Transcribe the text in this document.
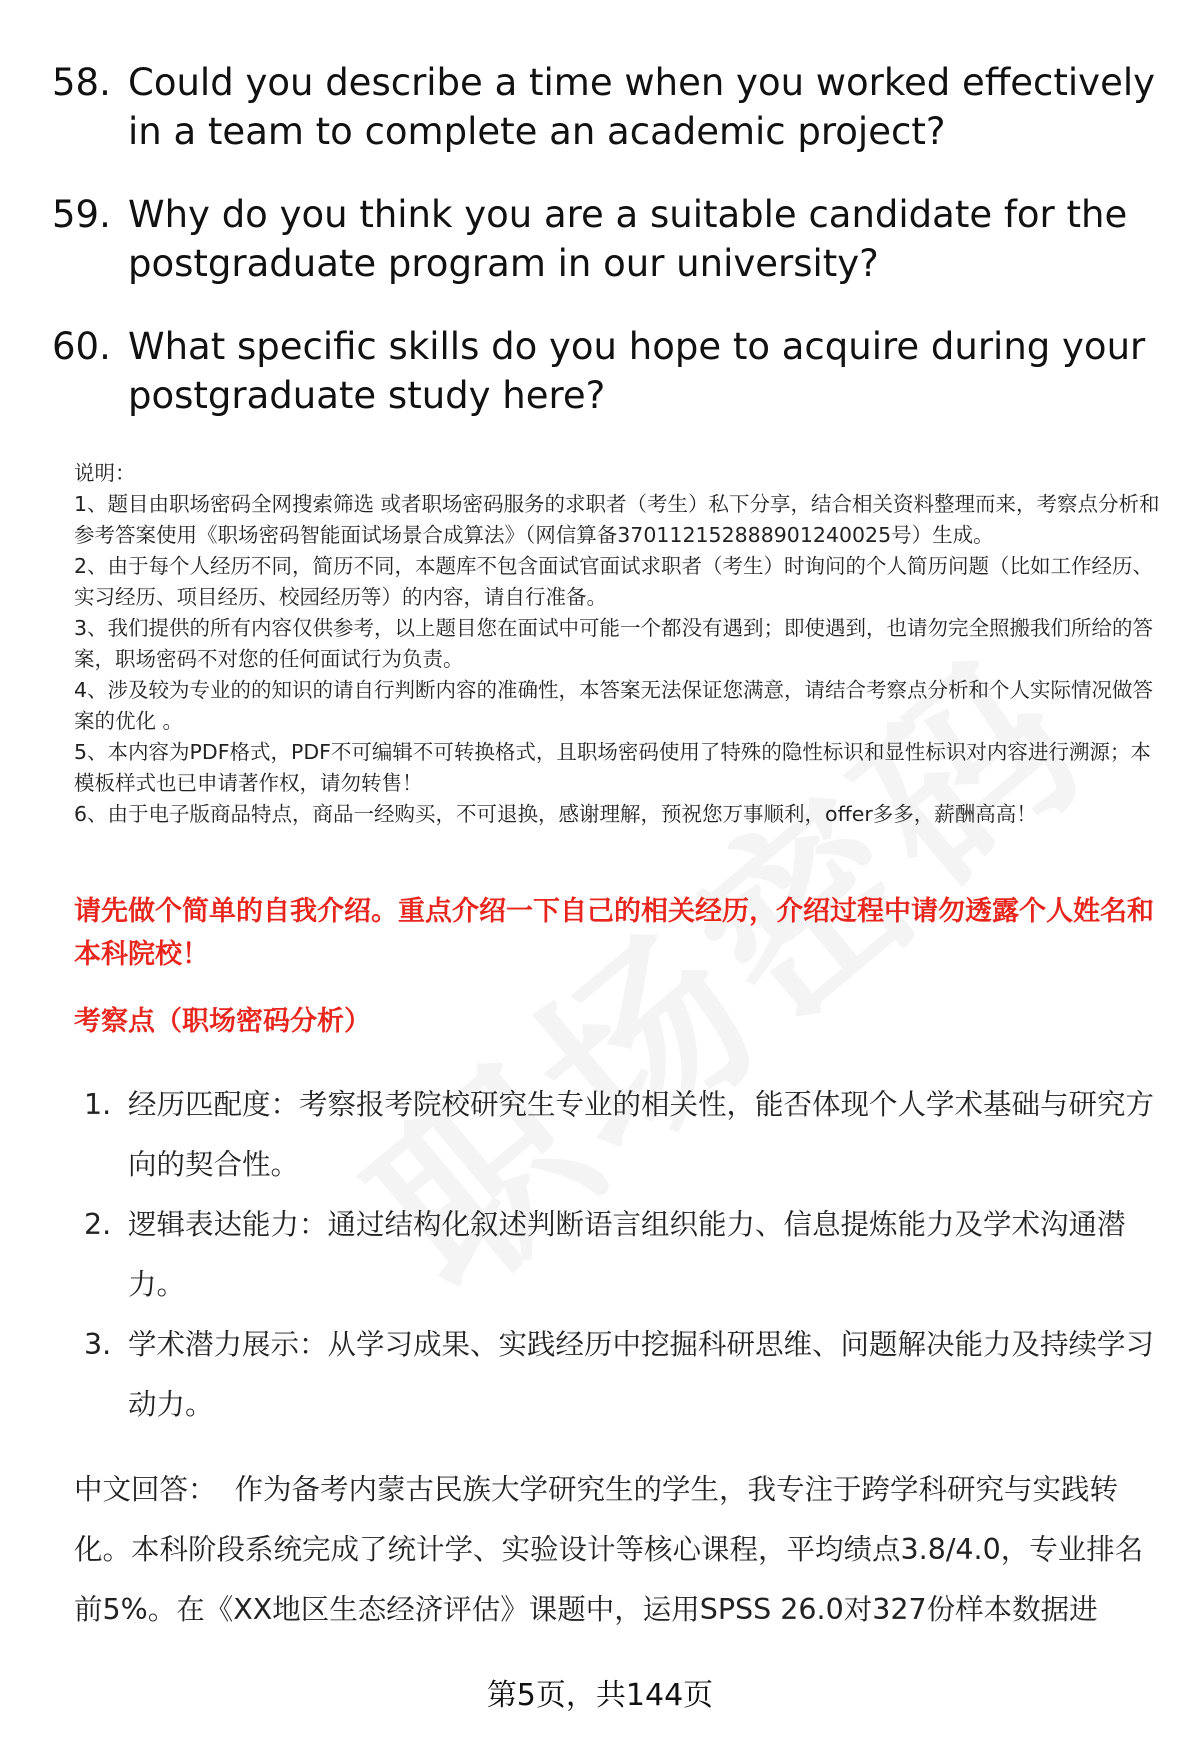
58. Could you describe a time when you worked effectively in a team to complete an academic project?
59. Why do you think you are a suitable candidate for the postgraduate program in our university?
60. What specific skills do you hope to acquire during your postgraduate study here?

说明：

1、题目由职场密码全网搜索筛选 或者职场密码服务的求职者（考生）私下分享，结合相关资料整理而来，考察点分析和参考答案使用《职场密码智能面试场景合成算法》（网信算备370112152888901240025号）生成。

2、由于每个人经历不同，简历不同，本题库不包含面试官面试求职者（考生）时询问的个人简历问题（比如工作经历、实习经历、项目经历、校园经历等）的内容，请自行准备。

3、我们提供的所有内容仅供参考，以上题目您在面试中可能一个都没有遇到；即使遇到，也请勿完全照搬我们所给的答案，职场密码不对您的任何面试行为负责。

4、涉及较为专业的的知识的请自行判断内容的准确性，本答案无法保证您满意，请结合考察点分析和个人实际情况做答案的优化 。

5、本内容为PDF格式，PDF不可编辑不可转换格式，且职场密码使用了特殊的隐性标识和显性标识对内容进行溯源；本模板样式也已申请著作权，请勿转售！

6、由于电子版商品特点，商品一经购买，不可退换，感谢理解，预祝您万事顺利，offer多多，薪酬高高！

请先做个简单的自我介绍。重点介绍一下自己的相关经历，介绍过程中请勿透露个人姓名和本科院校！
考察点（职场密码分析）
1. 经历匹配度：考察报考院校研究生专业的相关性，能否体现个人学术基础与研究方向的契合性。
2. 逻辑表达能力：通过结构化叙述判断语言组织能力、信息提炼能力及学术沟通潜力。
3. 学术潜力展示：从学习成果、实践经历中挖掘科研思维、问题解决能力及持续学习动力。
中文回答： 作为备考内蒙古民族大学研究生的学生，我专注于跨学科研究与实践转化。本科阶段系统完成了统计学、实验设计等核心课程，平均绩点3.8/4.0，专业排名前5%。在《XX地区生态经济评估》课题中，运用SPSS 26.0对327份样本数据进
第5页，共144页
